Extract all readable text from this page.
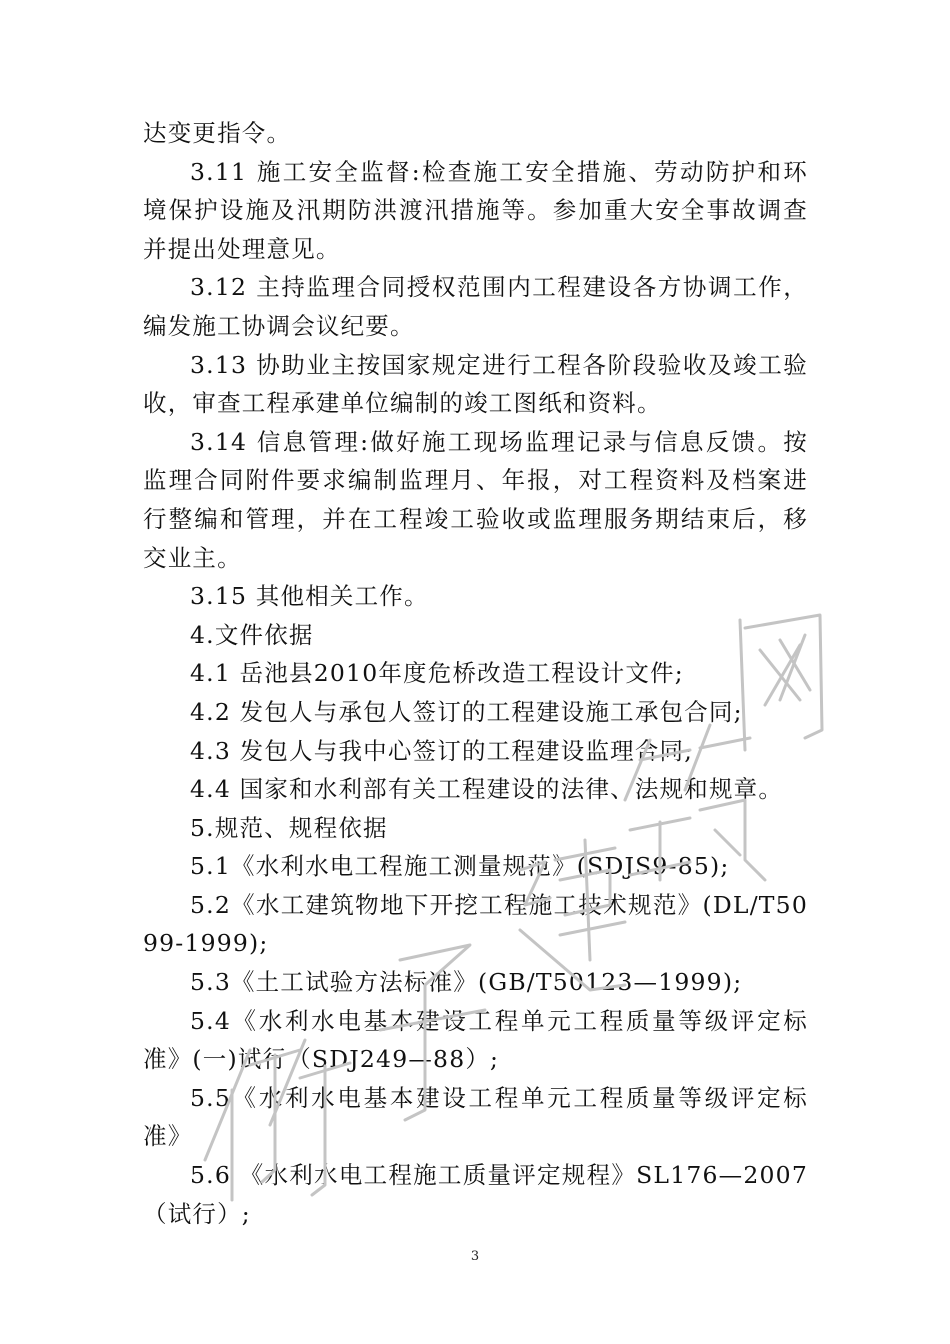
达变更指令。

3.11 施工安全监督:检查施工安全措施、劳动防护和环境保护设施及汛期防洪渡汛措施等。参加重大安全事故调查并提出处理意见。

3.12 主持监理合同授权范围内工程建设各方协调工作，编发施工协调会议纪要。

3.13 协助业主按国家规定进行工程各阶段验收及竣工验收，审查工程承建单位编制的竣工图纸和资料。

3.14 信息管理:做好施工现场监理记录与信息反馈。按监理合同附件要求编制监理月、年报，对工程资料及档案进行整编和管理，并在工程竣工验收或监理服务期结束后，移交业主。

3.15 其他相关工作。

4.文件依据

4.1 岳池县2010年度危桥改造工程设计文件;

4.2 发包人与承包人签订的工程建设施工承包合同;

4.3 发包人与我中心签订的工程建设监理合同;

4.4 国家和水利部有关工程建设的法律、法规和规章。

5.规范、规程依据

5.1《水利水电工程施工测量规范》(SDJS9-85);

5.2《水工建筑物地下开挖工程施工技术规范》(DL/T5099-1999);

5.3《土工试验方法标准》(GB/T50123—1999);

5.4《水利水电基本建设工程单元工程质量等级评定标准》(一)试行（SDJ249—88）;

5.5《水利水电基本建设工程单元工程质量等级评定标准》

5.6 《水利水电工程施工质量评定规程》SL176—2007（试行）;

3
